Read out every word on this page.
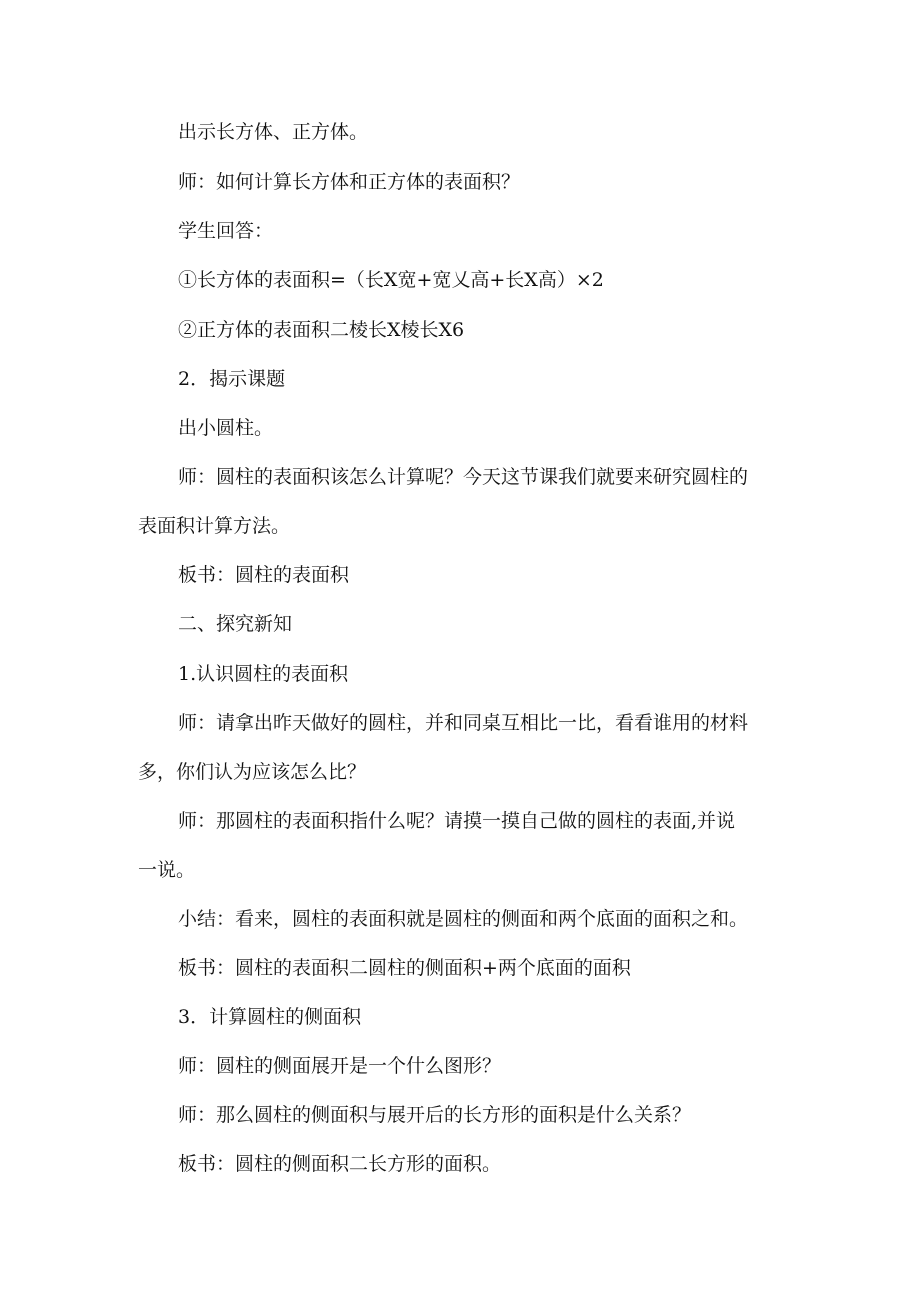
出示长方体、正方体。
师：如何计算长方体和正方体的表面积？
学生回答：
①长方体的表面积=（长X宽+宽乂高+长X高）×2
②正方体的表面积二棱长X棱长X6
2．揭示课题
出小圆柱。
师：圆柱的表面积该怎么计算呢？今天这节课我们就要来研究圆柱的
表面积计算方法。
板书：圆柱的表面积
二、探究新知
1.认识圆柱的表面积
师：请拿出昨天做好的圆柱，并和同桌互相比一比，看看谁用的材料
多，你们认为应该怎么比？
师：那圆柱的表面积指什么呢？请摸一摸自己做的圆柱的表面,并说
一说。
小结：看来，圆柱的表面积就是圆柱的侧面和两个底面的面积之和。
板书：圆柱的表面积二圆柱的侧面积+两个底面的面积
3．计算圆柱的侧面积
师：圆柱的侧面展开是一个什么图形？
师：那么圆柱的侧面积与展开后的长方形的面积是什么关系？
板书：圆柱的侧面积二长方形的面积。
